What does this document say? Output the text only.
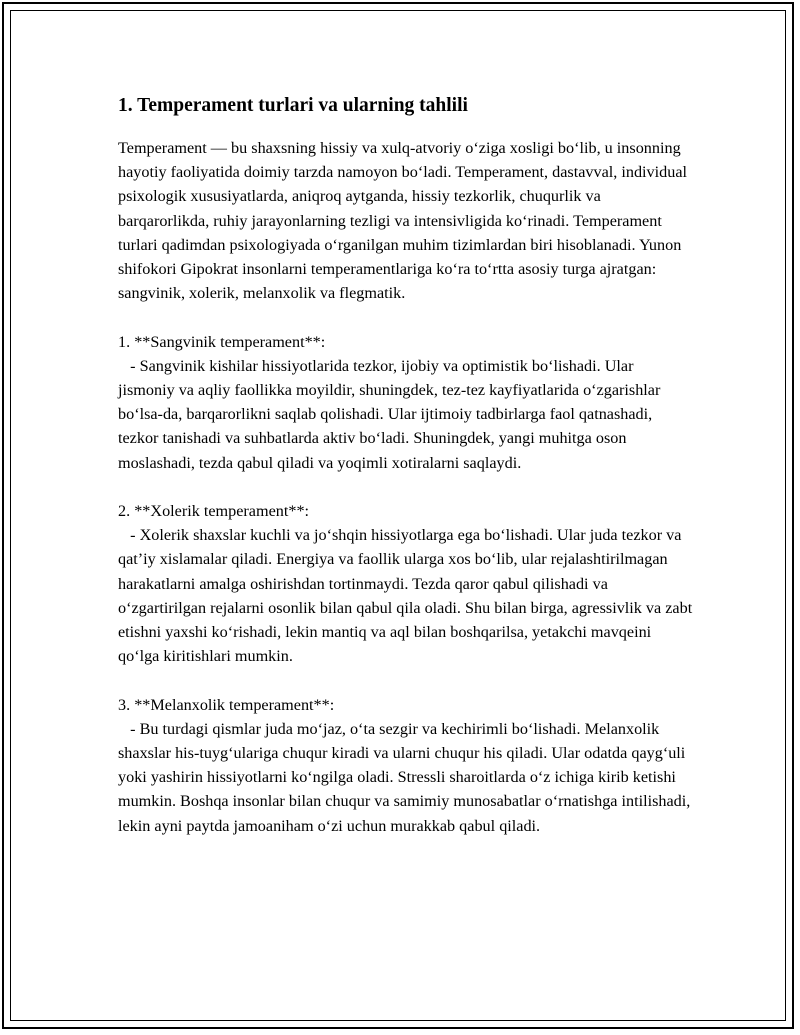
1. Temperament turlari va ularning tahlili

Temperament — bu shaxsning hissiy va xulq-atvoriy o‘ziga xosligi bo‘lib, u insonning hayotiy faoliyatida doimiy tarzda namoyon bo‘ladi. Temperament, dastavval, individual psixologik xususiyatlarda, aniqroq aytganda, hissiy tezkorlik, chuqurlik va barqarorlikda, ruhiy jarayonlarning tezligi va intensivligida ko‘rinadi. Temperament turlari qadimdan psixologiyada o‘rganilgan muhim tizimlardan biri hisoblanadi. Yunon shifokori Gipokrat insonlarni temperamentlariga ko‘ra to‘rtta asosiy turga ajratgan: sangvinik, xolerik, melanxolik va flegmatik.

1. **Sangvinik temperament**:

- Sangvinik kishilar hissiyotlarida tezkor, ijobiy va optimistik bo‘lishadi. Ular jismoniy va aqliy faollikka moyildir, shuningdek, tez-tez kayfiyatlarida o‘zgarishlar bo‘lsa-da, barqarorlikni saqlab qolishadi. Ular ijtimoiy tadbirlarga faol qatnashadi, tezkor tanishadi va suhbatlarda aktiv bo‘ladi. Shuningdek, yangi muhitga oson moslashadi, tezda qabul qiladi va yoqimli xotiralarni saqlaydi.

2. **Xolerik temperament**:

- Xolerik shaxslar kuchli va jo‘shqin hissiyotlarga ega bo‘lishadi. Ular juda tezkor va qat’iy xislamalar qiladi. Energiya va faollik ularga xos bo‘lib, ular rejalashtirilmagan harakatlarni amalga oshirishdan tortinmaydi. Tezda qaror qabul qilishadi va o‘zgartirilgan rejalarni osonlik bilan qabul qila oladi. Shu bilan birga, agressivlik va zabt etishni yaxshi ko‘rishadi, lekin mantiq va aql bilan boshqarilsa, yetakchi mavqeini qo‘lga kiritishlari mumkin.

3. **Melanxolik temperament**:

- Bu turdagi qismlar juda mo‘jaz, o‘ta sezgir va kechirimli bo‘lishadi. Melanxolik shaxslar his-tuyg‘ulariga chuqur kiradi va ularni chuqur his qiladi. Ular odatda qayg‘uli yoki yashirin hissiyotlarni ko‘ngilga oladi. Stressli sharoitlarda o‘z ichiga kirib ketishi mumkin. Boshqa insonlar bilan chuqur va samimiy munosabatlar o‘rnatishga intilishadi, lekin ayni paytda jamoaniham o‘zi uchun murakkab qabul qiladi.
